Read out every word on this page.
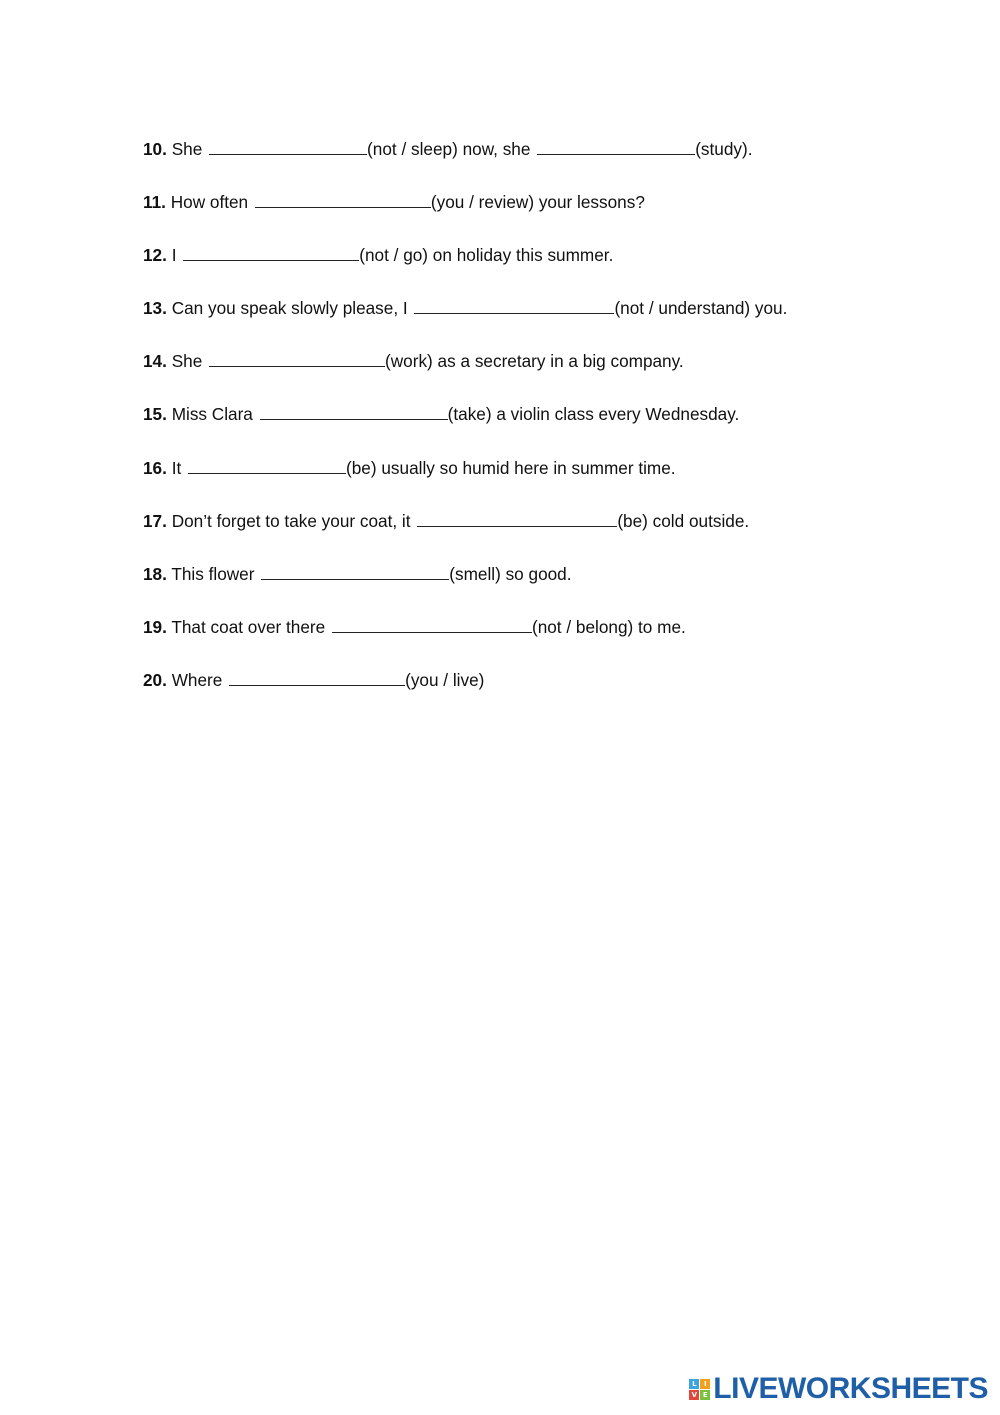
10. She	(not / sleep) now, she	(study).
11. How often	(you / review) your lessons?
12. I	(not / go) on holiday this summer.
13. Can you speak slowly please, I	(not / understand) you.
14. She	(work) as a secretary in a big company.
15. Miss Clara	(take) a violin class every Wednesday.
16. It	(be) usually so humid here in summer time.
17. Don’t forget to take your coat, it	(be) cold outside.
18. This flower	(smell) so good.
19. That coat over there	(not / belong) to me.
20. Where	(you / live)
L	I
V E LIVEWORKSHEETS
